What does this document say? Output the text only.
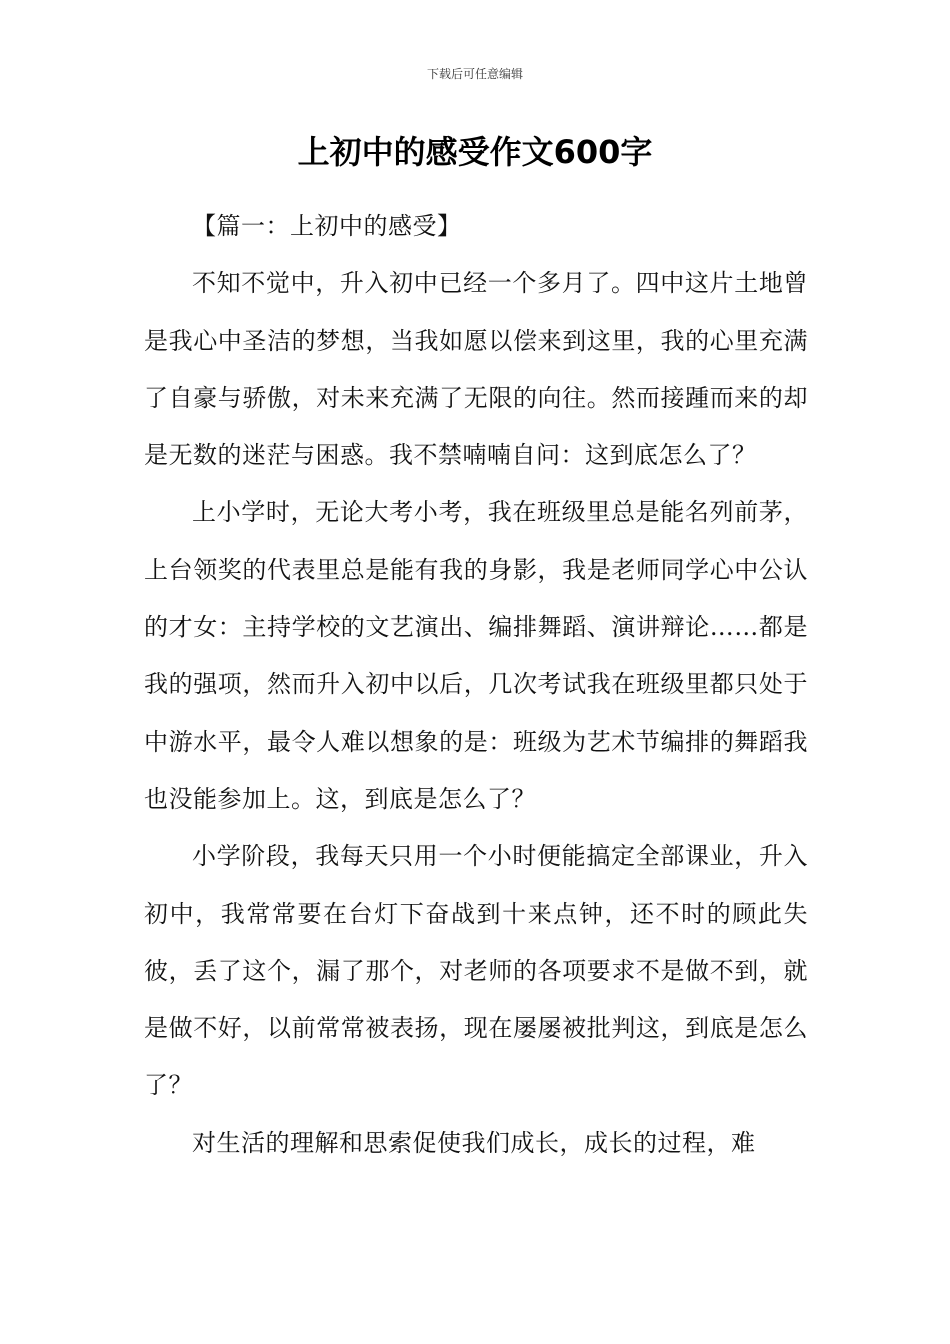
下载后可任意编辑
上初中的感受作文600字

【篇一：上初中的感受】

不知不觉中，升入初中已经一个多月了。四中这片土地曾是我心中圣洁的梦想，当我如愿以偿来到这里，我的心里充满了自豪与骄傲，对未来充满了无限的向往。然而接踵而来的却是无数的迷茫与困惑。我不禁喃喃自问：这到底怎么了？

上小学时，无论大考小考，我在班级里总是能名列前茅，上台领奖的代表里总是能有我的身影，我是老师同学心中公认的才女：主持学校的文艺演出、编排舞蹈、演讲辩论……都是我的强项，然而升入初中以后，几次考试我在班级里都只处于中游水平，最令人难以想象的是：班级为艺术节编排的舞蹈我也没能参加上。这，到底是怎么了？

小学阶段，我每天只用一个小时便能搞定全部课业，升入初中，我常常要在台灯下奋战到十来点钟，还不时的顾此失彼，丢了这个，漏了那个，对老师的各项要求不是做不到，就是做不好，以前常常被表扬，现在屡屡被批判这，到底是怎么了？

对生活的理解和思索促使我们成长，成长的过程，难
